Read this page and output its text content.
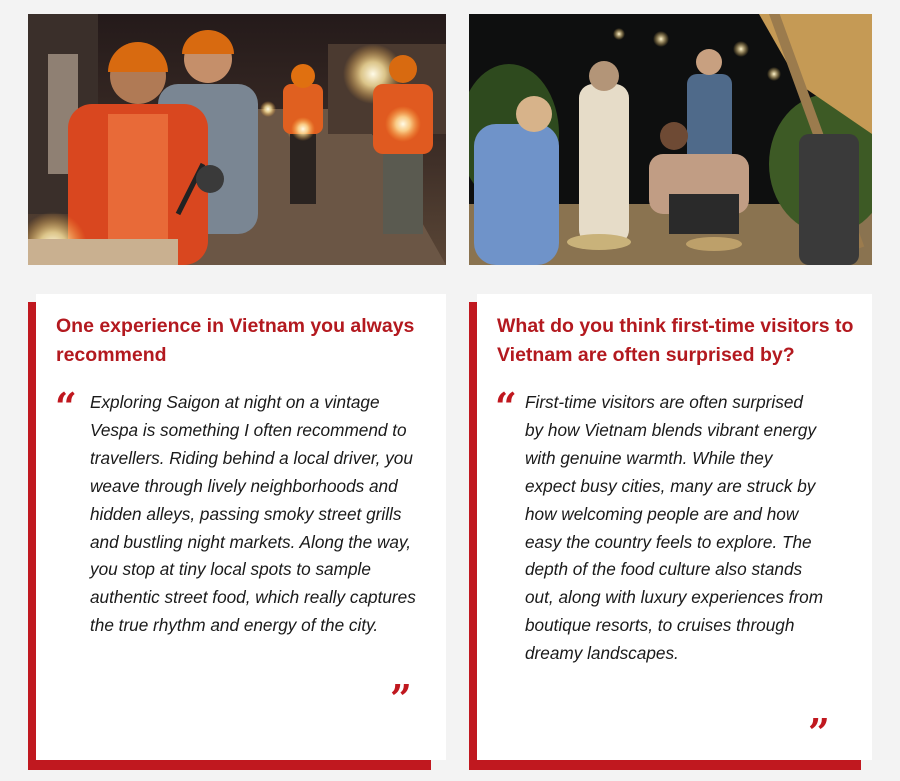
One experience in Vietnam you always recommend
“ Exploring Saigon at night on a vintage Vespa is something I often recommend to travellers. Riding behind a local driver, you weave through lively neighborhoods and hidden alleys, passing smoky street grills and bustling night markets. Along the way, you stop at tiny local spots to sample authentic street food, which really captures the true rhythm and energy of the city.

”
What do you think first-time visitors to Vietnam are often surprised by?
“ First-time visitors are often surprised by how Vietnam blends vibrant energy with genuine warmth. While they expect busy cities, many are struck by how welcoming people are and how easy the country feels to explore. The depth of the food culture also stands out, along with luxury experiences from boutique resorts, to cruises through dreamy landscapes.

”
